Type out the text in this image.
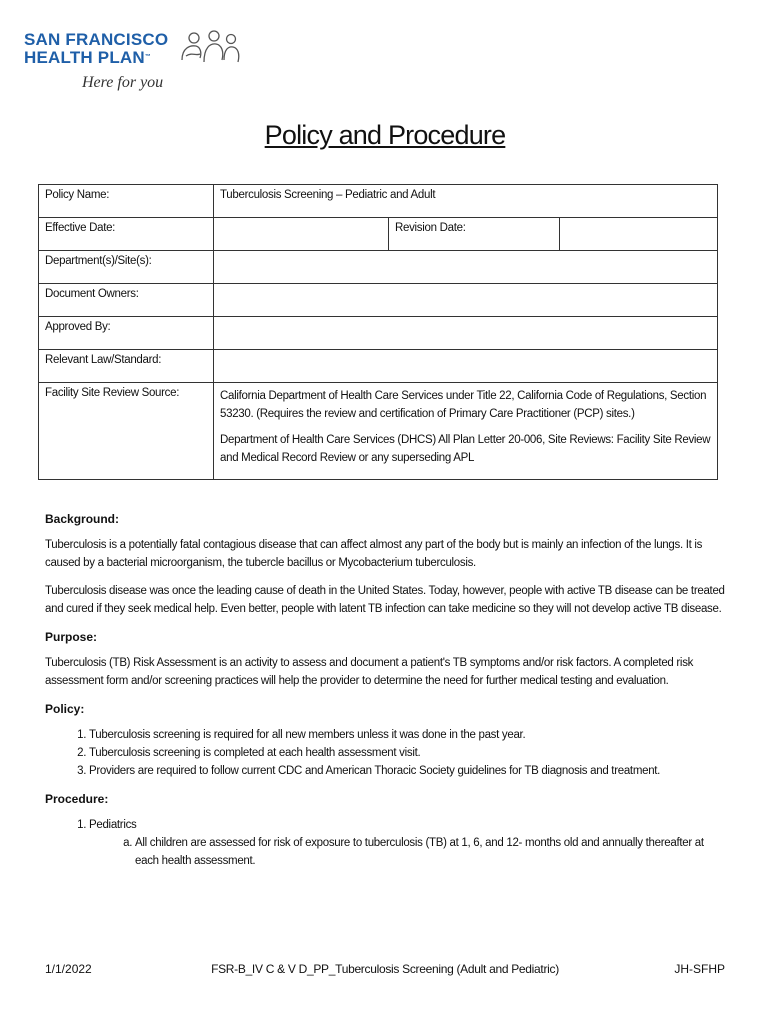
SAN FRANCISCO
HEALTH PLAN™
Here for you
Policy and Procedure
Policy Name:	Tuberculosis Screening – Pediatric and Adult		
Effective Date:		Revision Date:	
Department(s)/Site(s):			
Document Owners:			
Approved By:			
Relevant Law/Standard:			
Facility Site Review Source:	California Department of Health Care Services under Title 22, California Code of Regulations, Section 53230. (Requires the review and certification of Primary Care Practitioner (PCP) sites.)

Department of Health Care Services (DHCS) All Plan Letter 20-006, Site Reviews: Facility Site Review and Medical Record Review or any superseding APL		

Background:

Tuberculosis is a potentially fatal contagious disease that can affect almost any part of the body but is mainly an infection of the lungs. It is caused by a bacterial microorganism, the tubercle bacillus or Mycobacterium tuberculosis.

Tuberculosis disease was once the leading cause of death in the United States. Today, however, people with active TB disease can be treated and cured if they seek medical help. Even better, people with latent TB infection can take medicine so they will not develop active TB disease.

Purpose:

Tuberculosis (TB) Risk Assessment is an activity to assess and document a patient's TB symptoms and/or risk factors. A completed risk assessment form and/or screening practices will help the provider to determine the need for further medical testing and evaluation.

Policy:
1. Tuberculosis screening is required for all new members unless it was done in the past year.
2. Tuberculosis screening is completed at each health assessment visit.
3. Providers are required to follow current CDC and American Thoracic Society guidelines for TB diagnosis and treatment.
Procedure:
1. Pediatrics
a. All children are assessed for risk of exposure to tuberculosis (TB) at 1, 6, and 12- months old and annually thereafter at each health assessment.
1/1/2022	FSR-B_IV C & V D_PP_Tuberculosis Screening (Adult and Pediatric)	JH-SFHP
